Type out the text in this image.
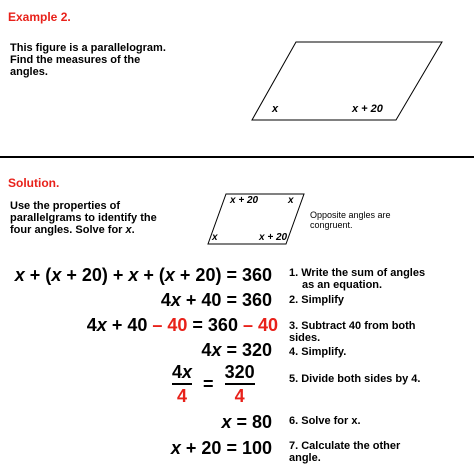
Example 2.
This figure is a parallelogram.
Find the measures of the
angles.
x	x + 20
Solution.
Use the properties of
parallelgrams to identify the
four angles. Solve for x.
x + 20	x
x	x + 20
Opposite angles are
congruent.
x + (x + 20) + x + (x + 20) = 360
4x + 40 = 360
4x + 40 – 40 = 360 – 40
4x = 320
$\frac{4x}{4} = \frac{320}{4}$
x = 80
x + 20 = 100
1. Write the sum of angles
as an equation.
2. Simplify
3. Subtract 40 from both
sides.
4. Simplify.
5. Divide both sides by 4.
6. Solve for x.
7. Calculate the other
angle.
